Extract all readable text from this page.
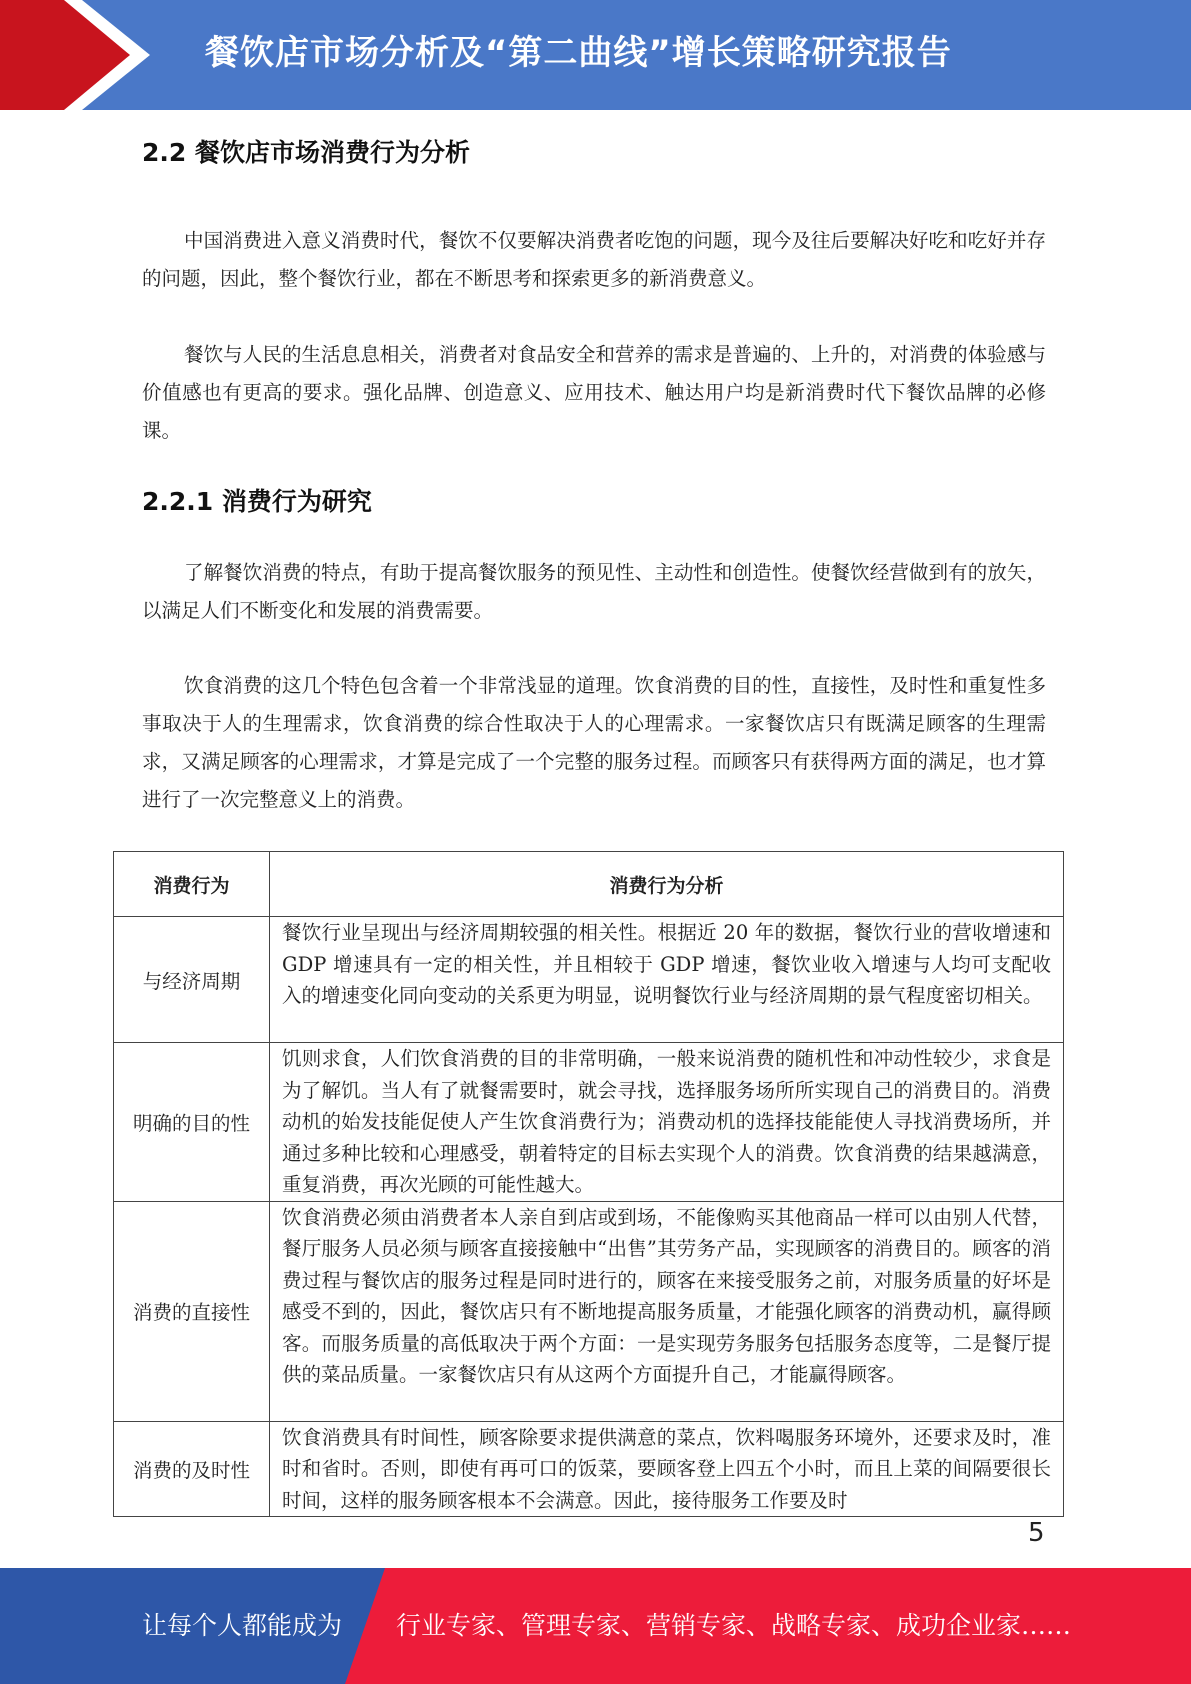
餐饮店市场分析及“第二曲线”增长策略研究报告
2.2 餐饮店市场消费行为分析

中国消费进入意义消费时代，餐饮不仅要解决消费者吃饱的问题，现今及往后要解决好吃和吃好并存的问题，因此，整个餐饮行业，都在不断思考和探索更多的新消费意义。

餐饮与人民的生活息息相关，消费者对食品安全和营养的需求是普遍的、上升的，对消费的体验感与价值感也有更高的要求。强化品牌、创造意义、应用技术、触达用户均是新消费时代下餐饮品牌的必修课。

2.2.1 消费行为研究

了解餐饮消费的特点，有助于提高餐饮服务的预见性、主动性和创造性。使餐饮经营做到有的放矢，以满足人们不断变化和发展的消费需要。

饮食消费的这几个特色包含着一个非常浅显的道理。饮食消费的目的性，直接性，及时性和重复性多事取决于人的生理需求，饮食消费的综合性取决于人的心理需求。一家餐饮店只有既满足顾客的生理需求，又满足顾客的心理需求，才算是完成了一个完整的服务过程。而顾客只有获得两方面的满足，也才算进行了一次完整意义上的消费。

消费行为	消费行为分析
与经济周期	餐饮行业呈现出与经济周期较强的相关性。根据近 20 年的数据，餐饮行业的营收增速和 GDP 增速具有一定的相关性，并且相较于 GDP 增速，餐饮业收入增速与人均可支配收入的增速变化同向变动的关系更为明显，说明餐饮行业与经济周期的景气程度密切相关。
明确的目的性	饥则求食，人们饮食消费的目的非常明确，一般来说消费的随机性和冲动性较少，求食是为了解饥。当人有了就餐需要时，就会寻找，选择服务场所所实现自己的消费目的。消费动机的始发技能促使人产生饮食消费行为；消费动机的选择技能能使人寻找消费场所，并通过多种比较和心理感受，朝着特定的目标去实现个人的消费。饮食消费的结果越满意，重复消费，再次光顾的可能性越大。
消费的直接性	饮食消费必须由消费者本人亲自到店或到场，不能像购买其他商品一样可以由别人代替，餐厅服务人员必须与顾客直接接触中“出售”其劳务产品，实现顾客的消费目的。顾客的消费过程与餐饮店的服务过程是同时进行的，顾客在来接受服务之前，对服务质量的好坏是感受不到的，因此，餐饮店只有不断地提高服务质量，才能强化顾客的消费动机，赢得顾客。而服务质量的高低取决于两个方面：一是实现劳务服务包括服务态度等，二是餐厅提供的菜品质量。一家餐饮店只有从这两个方面提升自己，才能赢得顾客。
消费的及时性	饮食消费具有时间性，顾客除要求提供满意的菜点，饮料喝服务环境外，还要求及时，准时和省时。否则，即使有再可口的饭菜，要顾客登上四五个小时，而且上菜的间隔要很长时间，这样的服务顾客根本不会满意。因此，接待服务工作要及时
5
让每个人都能成为 行业专家、管理专家、营销专家、战略专家、成功企业家……
